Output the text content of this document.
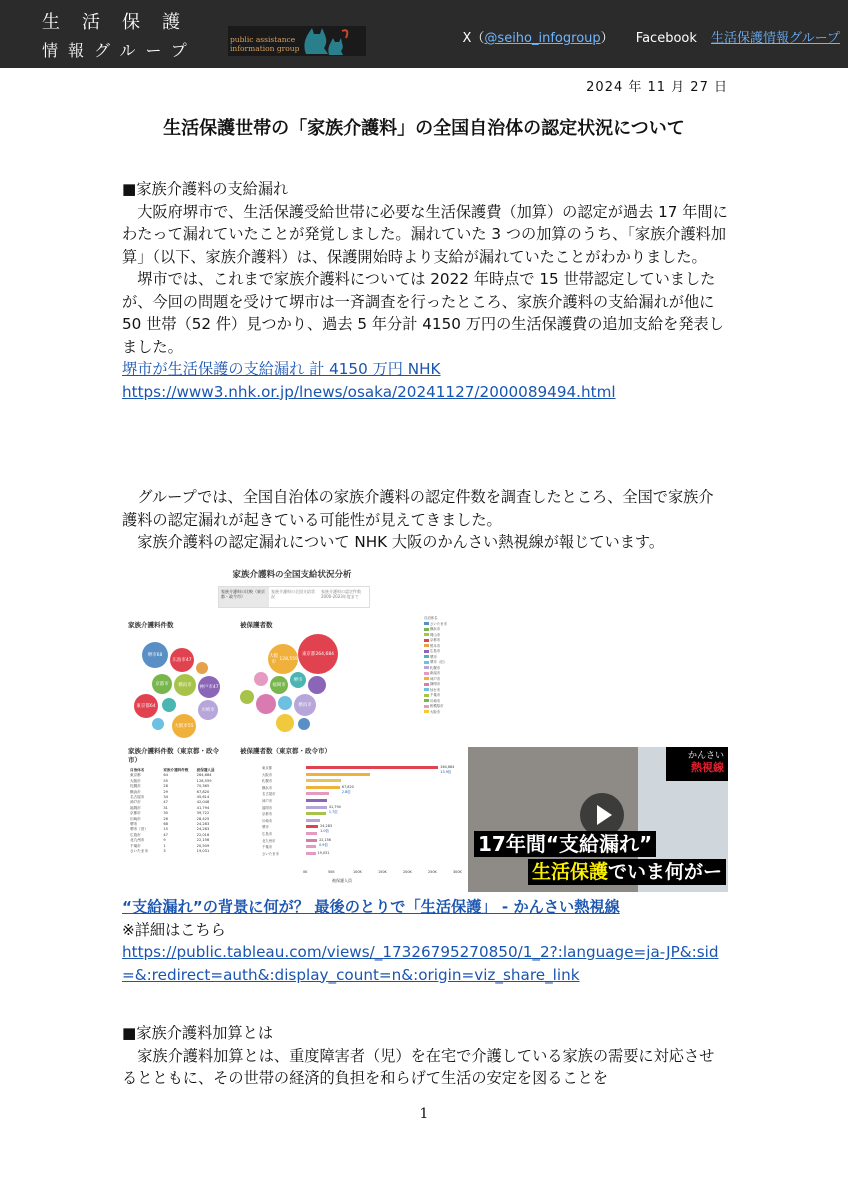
生活保護
情報グループ
public assistance
information group
X（@seiho_infogroup） Facebook 生活保護情報グループ
2024 年 11 月 27 日
生活保護世帯の「家族介護料」の全国自治体の認定状況について

■家族介護料の支給漏れ

大阪府堺市で、生活保護受給世帯に必要な生活保護費（加算）の認定が過去 17 年間にわたって漏れていたことが発覚しました。漏れていた 3 つの加算のうち、「家族介護料加算」（以下、家族介護料）は、保護開始時より支給が漏れていたことがわかりました。

堺市では、これまで家族介護料については 2022 年時点で 15 世帯認定していましたが、今回の問題を受けて堺市は一斉調査を行ったところ、家族介護料の支給漏れが他に 50 世帯（52 件）見つかり、過去 5 年分計 4150 万円の生活保護費の追加支給を発表しました。

堺市が生活保護の支給漏れ 計 4150 万円 NHK

https://www3.nhk.or.jp/lnews/osaka/20241127/2000089494.html

グループでは、全国自治体の家族介護料の認定件数を調査したところ、全国で家族介護料の認定漏れが起きている可能性が見えてきました。

家族介護料の認定漏れについて NHK 大阪のかんさい熱視線が報じています。

家族介護料の全国支給状況分析
家族介護料の比較（東京都・政令市）
家族介護料の全国支給状況
家族介護料の認定件数 2000-2023年度まで
家族介護料件数	被保護者数
家族介護料件数（東京都・政令市）
被保護者数（東京都・政令市）
堺市 68
広島市 47
京都市 横浜市 神戸市 47
東京都 64
川崎市
大阪市 55
東京都 264,684
大阪市

128,559
福岡市
堺市
横浜市
自治体名
さいたま市
横浜市
岡山市
京都市
熊本市
広島市
堺市
堺市（旧）
札幌市
新潟市
神戸市
静岡市
仙台市
千葉市
川崎市
相模原市
大阪市
自治体名	家族介護料件数	被保護人員
東京都	64	264,684
大阪市	55	128,559
札幌市	28	70,365
横浜市	29	67,820
名古屋市	34	45,614
神戸市	47	42,048
福岡市	31	41,794
京都市	30	39,722
川崎市	26	28,425
堺市	68	24,283
堺市（旧）	15	24,283
広島市	47	22,016
北九州市	9	22,156
千葉市	1	20,509
さいたま市	3	19,031
東京都	264,684
13.9倍
大阪市
札幌市
横浜市	67,820
2.8倍
名古屋市
神戸市
福岡市	41,794
1.7倍
京都市
川崎市
堺市	24,283
1.0倍
広島市
北九州市	22,156
0.9倍
千葉市
さいたま市	19,031
被保護人員
0K	50K	100K	150K	200K	250K	300K
かんさい
熱視線
17年間“支給漏れ”
生活保護でいま何がー

“支給漏れ”の背景に何が？ 最後のとりで「生活保護」 - かんさい熱視線

※詳細はこちら

https://public.tableau.com/views/_17326795270850/1_2?:language=ja-JP&:sid=&:redirect=auth&:display_count=n&:origin=viz_share_link

■家族介護料加算とは

家族介護料加算とは、重度障害者（児）を在宅で介護している家族の需要に対応させるとともに、その世帯の経済的負担を和らげて生活の安定を図ることを

1
